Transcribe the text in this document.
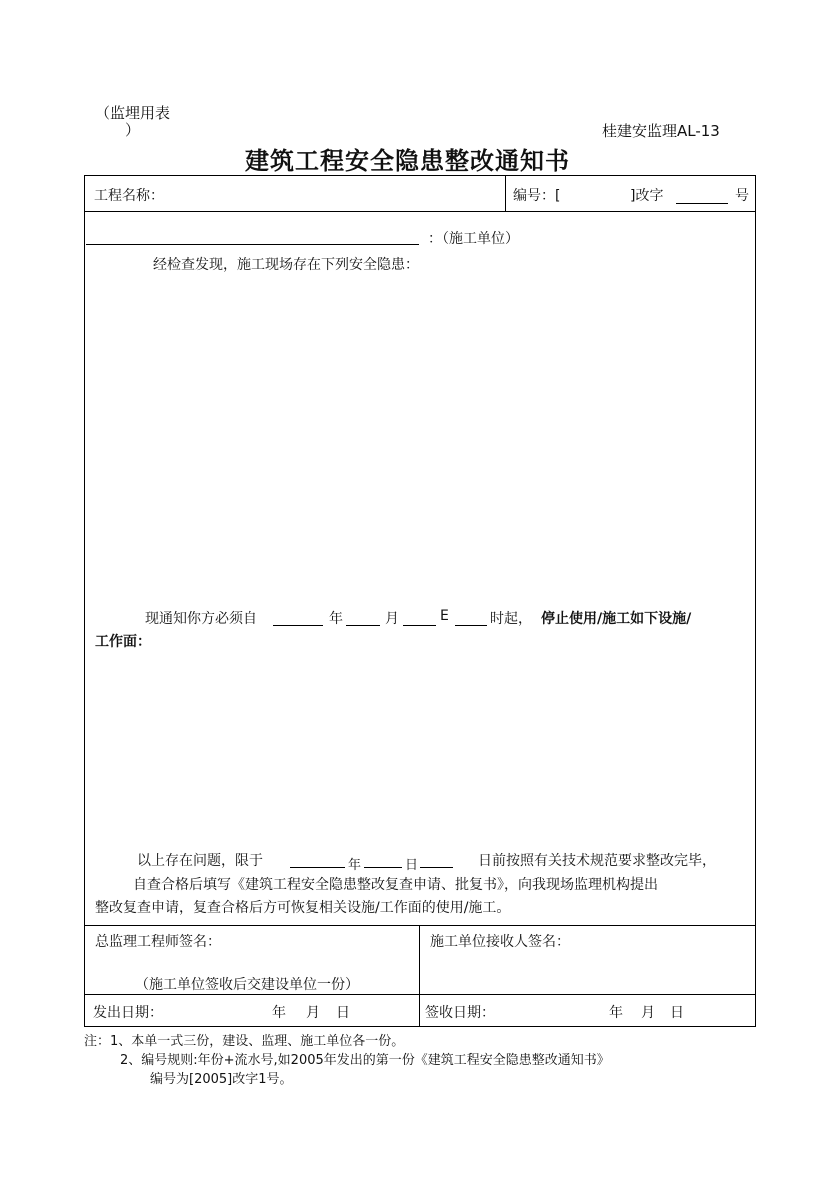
（监埋用表
）	桂建安监理AL-13
建筑工程安全隐患整改通知书
工程名称：	编号：[	]改字	号
：（施工单位）
经检查发现，施工现场存在下列安全隐患：
现通知你方必须自	年	月	E	时起， 停止使用/施工如下设施/
工作面：
以上存在问题，限于	年	日	日前按照有关技术规范要求整改完毕，
自查合格后填写《建筑工程安全隐患整改复查申请、批复书》，向我现场监理机构提出
整改复查申请，复查合格后方可恢复相关设施/工作面的使用/施工。
总监理工程师签名：	施工单位接收人签名：
（施工单位签收后交建设单位一份）
发出日期：	年 月 日	签收日期：	年 月 日
注：1、本单一式三份，建设、监理、施工单位各一份。
2、编号规则:年份+流水号,如2005年发出的第一份《建筑工程安全隐患整改通知书》
编号为[2005]改字1号。
